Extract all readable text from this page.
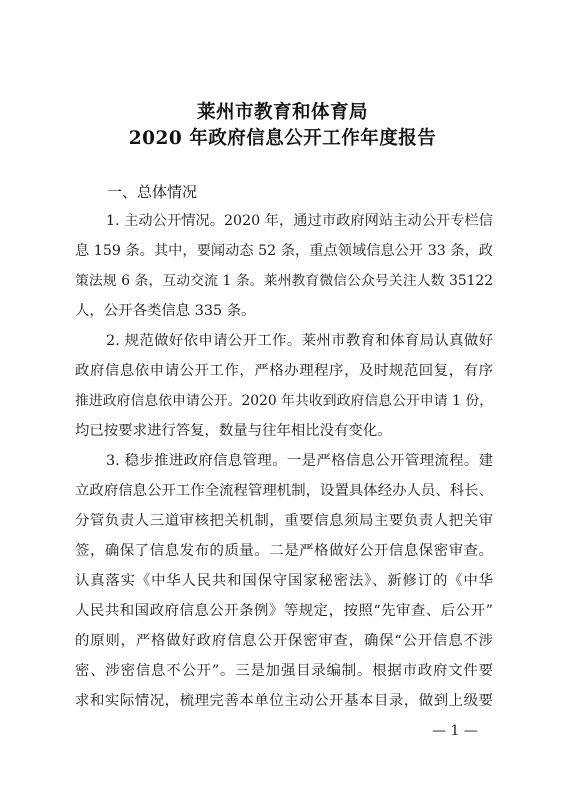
莱州市教育和体育局
2020 年政府信息公开工作年度报告
一、总体情况
1. 主动公开情况。2020 年，通过市政府网站主动公开专栏信
息 159 条。其中，要闻动态 52 条，重点领域信息公开 33 条，政
策法规 6 条，互动交流 1 条。莱州教育微信公众号关注人数 35122
人，公开各类信息 335 条。
2. 规范做好依申请公开工作。莱州市教育和体育局认真做好
政府信息依申请公开工作，严格办理程序，及时规范回复，有序
推进政府信息依申请公开。2020 年共收到政府信息公开申请 1 份，
均已按要求进行答复，数量与往年相比没有变化。
3. 稳步推进政府信息管理。一是严格信息公开管理流程。建
立政府信息公开工作全流程管理机制，设置具体经办人员、科长、
分管负责人三道审核把关机制，重要信息须局主要负责人把关审
签，确保了信息发布的质量。二是严格做好公开信息保密审查。
认真落实《中华人民共和国保守国家秘密法》、新修订的《中华
人民共和国政府信息公开条例》等规定，按照“先审查、后公开”
的原则，严格做好政府信息公开保密审查，确保“公开信息不涉
密、涉密信息不公开”。三是加强目录编制。根据市政府文件要
求和实际情况，梳理完善本单位主动公开基本目录，做到上级要
— 1 —
